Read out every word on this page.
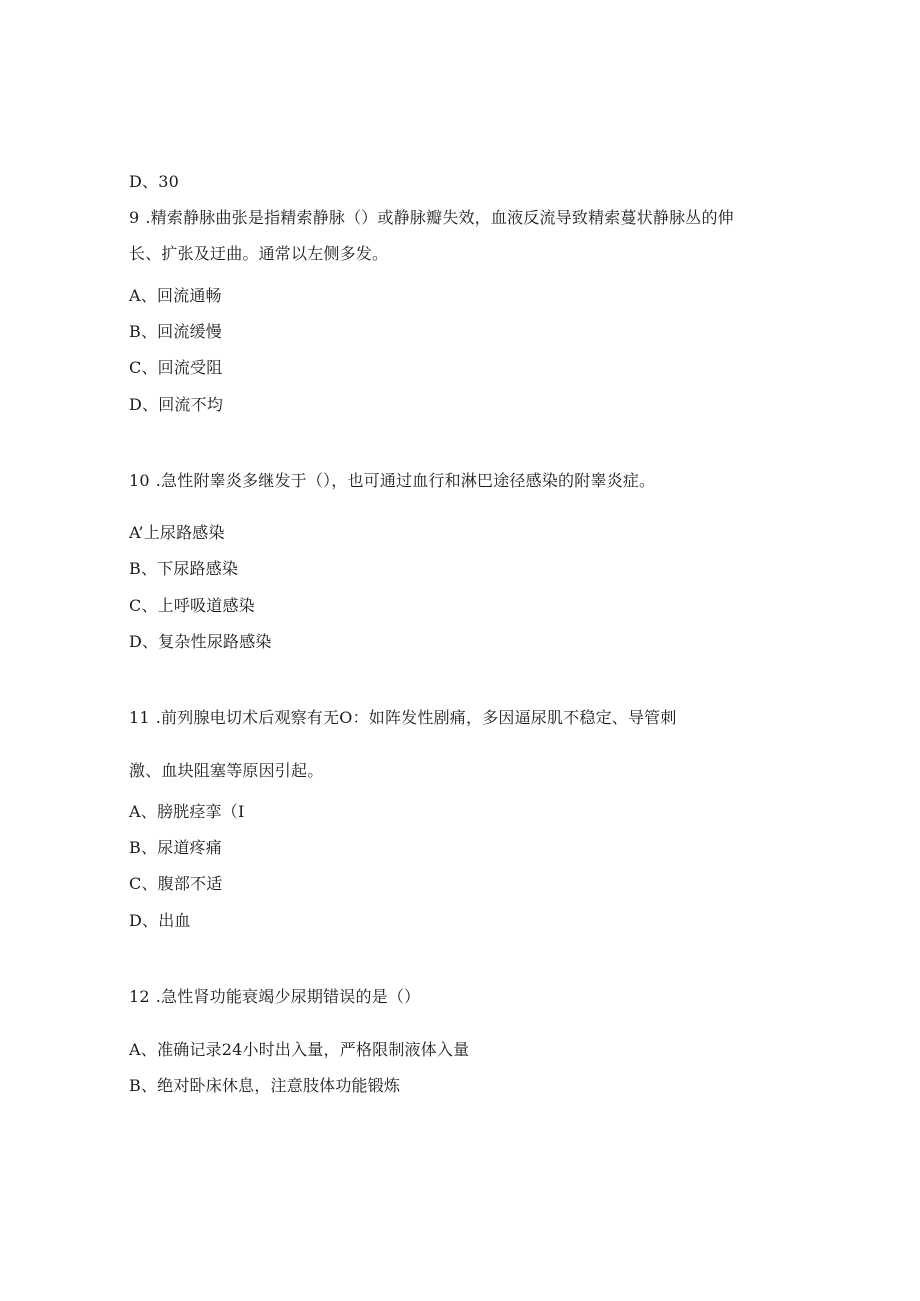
D、30
9 .精索静脉曲张是指精索静脉（）或静脉瓣失效，血液反流导致精索蔓状静脉丛的伸
长、扩张及迂曲。通常以左侧多发。
A、回流通畅
B、回流缓慢
C、回流受阻
D、回流不均
10 .急性附睾炎多继发于（），也可通过血行和淋巴途径感染的附睾炎症。
A’上尿路感染
B、下尿路感染
C、上呼吸道感染
D、复杂性尿路感染
11 .前列腺电切术后观察有无O：如阵发性剧痛，多因逼尿肌不稳定、导管刺
激、血块阻塞等原因引起。
A、膀胱痉挛（I
B、尿道疼痛
C、腹部不适
D、出血
12 .急性肾功能衰竭少尿期错误的是（）
A、准确记录24小时出入量，严格限制液体入量
B、绝对卧床休息，注意肢体功能锻炼
